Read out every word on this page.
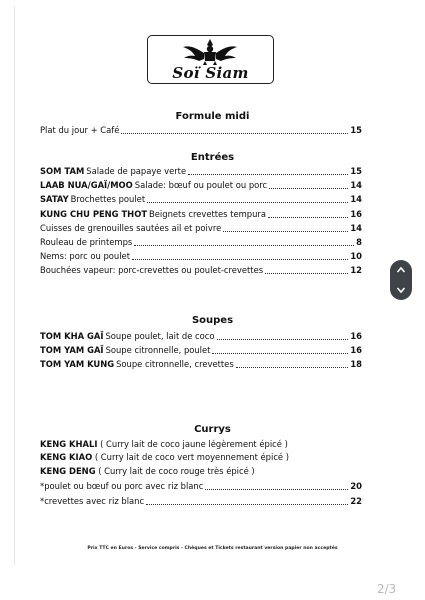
Soï Siam
Formule midi
Plat du jour + Café	15
Entrées
SOM TAM Salade de papaye verte	15
LAAB NUA/GAÏ/MOO Salade: bœuf ou poulet ou porc	14
SATAY Brochettes poulet	14
KUNG CHU PENG THOT Beignets crevettes tempura	16
Cuisses de grenouilles sautées ail et poivre	14
Rouleau de printemps	8
Nems: porc ou poulet	10
Bouchées vapeur: porc-crevettes ou poulet-crevettes	12
Soupes
TOM KHA GAÏ Soupe poulet, lait de coco	16
TOM YAM GAÏ Soupe citronnelle, poulet	16
TOM YAM KUNG Soupe citronnelle, crevettes	18
Currys
KENG KHALI ( Curry lait de coco jaune légèrement épicé )
KENG KIAO ( Curry lait de coco vert moyennement épicé )
KENG DENG ( Curry lait de coco rouge très épicé )
*poulet ou bœuf ou porc avec riz blanc	20
*crevettes avec riz blanc	22
Prix TTC en Euros - Service compris - Chèques et Tickets restaurant version papier non acceptés
2/3
